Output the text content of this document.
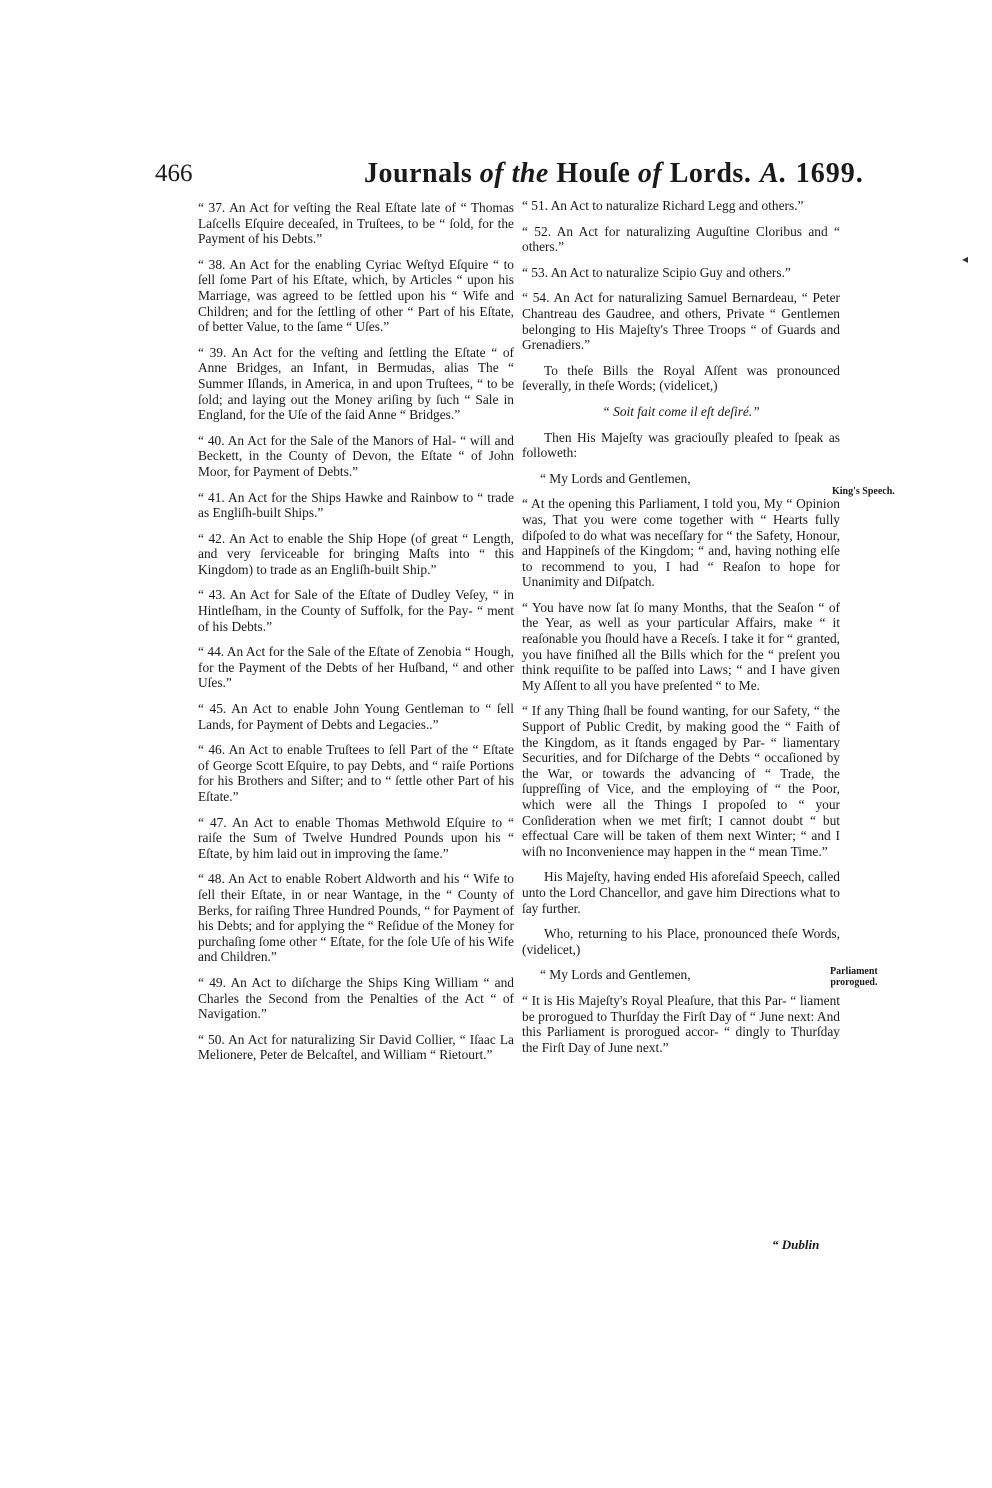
466	Journals of the Houſe of Lords. A. 1699.
◂

“ 37. An Act for veſting the Real Eſtate late of “ Thomas Laſcells Eſquire deceaſed, in Truſtees, to be “ ſold, for the Payment of his Debts.”

“ 38. An Act for the enabling Cyriac Weſtyd Eſquire “ to ſell ſome Part of his Eſtate, which, by Articles “ upon his Marriage, was agreed to be ſettled upon his “ Wife and Children; and for the ſettling of other “ Part of his Eſtate, of better Value, to the ſame “ Uſes.”

“ 39. An Act for the veſting and ſettling the Eſtate “ of Anne Bridges, an Infant, in Bermudas, alias The “ Summer Iſlands, in America, in and upon Truſtees, “ to be ſold; and laying out the Money ariſing by ſuch “ Sale in England, for the Uſe of the ſaid Anne “ Bridges.”

“ 40. An Act for the Sale of the Manors of Hal- “ will and Beckett, in the County of Devon, the Eſtate “ of John Moor, for Payment of Debts.”

“ 41. An Act for the Ships Hawke and Rainbow to “ trade as Engliſh-built Ships.”

“ 42. An Act to enable the Ship Hope (of great “ Length, and very ſerviceable for bringing Maſts into “ this Kingdom) to trade as an Engliſh-built Ship.”

“ 43. An Act for Sale of the Eſtate of Dudley Veſey, “ in Hintleſham, in the County of Suffolk, for the Pay- “ ment of his Debts.”

“ 44. An Act for the Sale of the Eſtate of Zenobia “ Hough, for the Payment of the Debts of her Huſband, “ and other Uſes.”

“ 45. An Act to enable John Young Gentleman to “ ſell Lands, for Payment of Debts and Legacies..”

“ 46. An Act to enable Truſtees to ſell Part of the “ Eſtate of George Scott Eſquire, to pay Debts, and “ raiſe Portions for his Brothers and Siſter; and to “ ſettle other Part of his Eſtate.”

“ 47. An Act to enable Thomas Methwold Eſquire to “ raiſe the Sum of Twelve Hundred Pounds upon his “ Eſtate, by him laid out in improving the ſame.”

“ 48. An Act to enable Robert Aldworth and his “ Wife to ſell their Eſtate, in or near Wantage, in the “ County of Berks, for raiſing Three Hundred Pounds, “ for Payment of his Debts; and for applying the “ Reſidue of the Money for purchaſing ſome other “ Eſtate, for the ſole Uſe of his Wife and Children.”

“ 49. An Act to diſcharge the Ships King William “ and Charles the Second from the Penalties of the Act “ of Navigation.”

“ 50. An Act for naturalizing Sir David Collier, “ Iſaac La Melionere, Peter de Belcaſtel, and William “ Rietourt.”

“ 51. An Act to naturalize Richard Legg and others.”

“ 52. An Act for naturalizing Auguſtine Cloribus and “ others.”

“ 53. An Act to naturalize Scipio Guy and others.”

“ 54. An Act for naturalizing Samuel Bernardeau, “ Peter Chantreau des Gaudree, and others, Private “ Gentlemen belonging to His Majeſty's Three Troops “ of Guards and Grenadiers.”

To theſe Bills the Royal Aſſent was pronounced ſeverally, in theſe Words; (videlicet,)

“ Soit fait come il eſt deſiré.”

Then His Majeſty was graciouſly pleaſed to ſpeak as followeth:

“ My Lords and Gentlemen,

“ At the opening this Parliament, I told you, My “ Opinion was, That you were come together with “ Hearts fully diſpoſed to do what was neceſſary for “ the Safety, Honour, and Happineſs of the Kingdom; “ and, having nothing elſe to recommend to you, I had “ Reaſon to hope for Unanimity and Diſpatch.

“ You have now ſat ſo many Months, that the Seaſon “ of the Year, as well as your particular Affairs, make “ it reaſonable you ſhould have a Receſs. I take it for “ granted, you have finiſhed all the Bills which for the “ preſent you think requiſite to be paſſed into Laws; “ and I have given My Aſſent to all you have preſented “ to Me.

“ If any Thing ſhall be found wanting, for our Safety, “ the Support of Public Credit, by making good the “ Faith of the Kingdom, as it ſtands engaged by Par- “ liamentary Securities, and for Diſcharge of the Debts “ occaſioned by the War, or towards the advancing of “ Trade, the ſuppreſſing of Vice, and the employing of “ the Poor, which were all the Things I propoſed to “ your Conſideration when we met firſt; I cannot doubt “ but effectual Care will be taken of them next Winter; “ and I wiſh no Inconvenience may happen in the “ mean Time.”

His Majeſty, having ended His aforeſaid Speech, called unto the Lord Chancellor, and gave him Directions what to ſay further.

Who, returning to his Place, pronounced theſe Words, (videlicet,)

“ My Lords and Gentlemen,

“ It is His Majeſty's Royal Pleaſure, that this Par- “ liament be prorogued to Thurſday the Firſt Day of “ June next: And this Parliament is prorogued accor- “ dingly to Thurſday the Firſt Day of June next.”

King's Speech.
Parliament
prorogued.
“ Dublin
